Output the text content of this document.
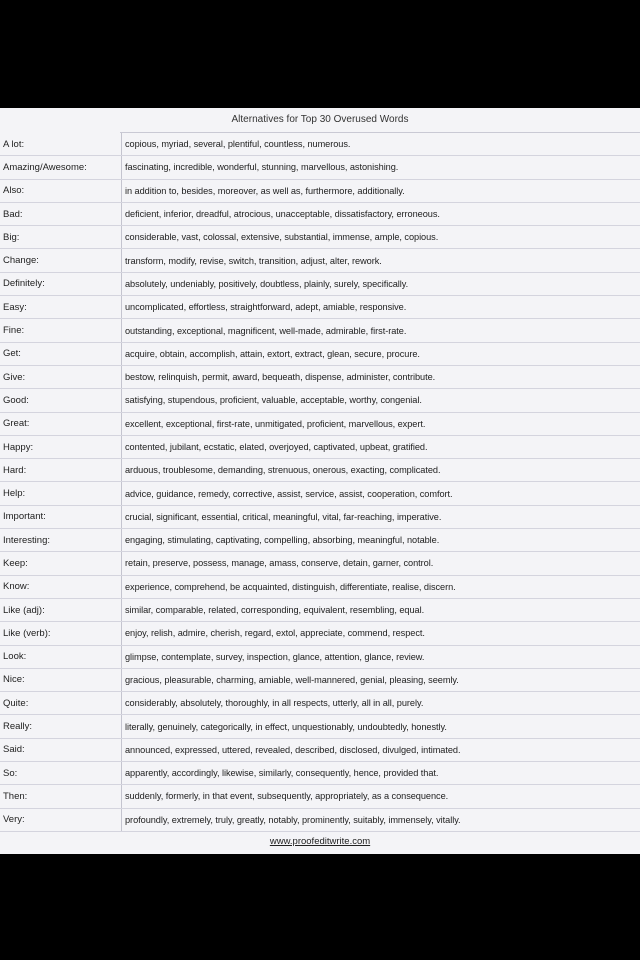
Alternatives for Top 30 Overused Words
A lot:	copious, myriad, several, plentiful, countless, numerous.
Amazing/Awesome:	fascinating, incredible, wonderful, stunning, marvellous, astonishing.
Also:	in addition to, besides, moreover, as well as, furthermore, additionally.
Bad:	deficient, inferior, dreadful, atrocious, unacceptable, dissatisfactory, erroneous.
Big:	considerable, vast, colossal, extensive, substantial, immense, ample, copious.
Change:	transform, modify, revise, switch, transition, adjust, alter, rework.
Definitely:	absolutely, undeniably, positively, doubtless, plainly, surely, specifically.
Easy:	uncomplicated, effortless, straightforward, adept, amiable, responsive.
Fine:	outstanding, exceptional, magnificent, well-made, admirable, first-rate.
Get:	acquire, obtain, accomplish, attain, extort, extract, glean, secure, procure.
Give:	bestow, relinquish, permit, award, bequeath, dispense, administer, contribute.
Good:	satisfying, stupendous, proficient, valuable, acceptable, worthy, congenial.
Great:	excellent, exceptional, first-rate, unmitigated, proficient, marvellous, expert.
Happy:	contented, jubilant, ecstatic, elated, overjoyed, captivated, upbeat, gratified.
Hard:	arduous, troublesome, demanding, strenuous, onerous, exacting, complicated.
Help:	advice, guidance, remedy, corrective, assist, service, assist, cooperation, comfort.
Important:	crucial, significant, essential, critical, meaningful, vital, far-reaching, imperative.
Interesting:	engaging, stimulating, captivating, compelling, absorbing, meaningful, notable.
Keep:	retain, preserve, possess, manage, amass, conserve, detain, garner, control.
Know:	experience, comprehend, be acquainted, distinguish, differentiate, realise, discern.
Like (adj):	similar, comparable, related, corresponding, equivalent, resembling, equal.
Like (verb):	enjoy, relish, admire, cherish, regard, extol, appreciate, commend, respect.
Look:	glimpse, contemplate, survey, inspection, glance, attention, glance, review.
Nice:	gracious, pleasurable, charming, amiable, well-mannered, genial, pleasing, seemly.
Quite:	considerably, absolutely, thoroughly, in all respects, utterly, all in all, purely.
Really:	literally, genuinely, categorically, in effect, unquestionably, undoubtedly, honestly.
Said:	announced, expressed, uttered, revealed, described, disclosed, divulged, intimated.
So:	apparently, accordingly, likewise, similarly, consequently, hence, provided that.
Then:	suddenly, formerly, in that event, subsequently, appropriately, as a consequence.
Very:	profoundly, extremely, truly, greatly, notably, prominently, suitably, immensely, vitally.
www.proofeditwrite.com
